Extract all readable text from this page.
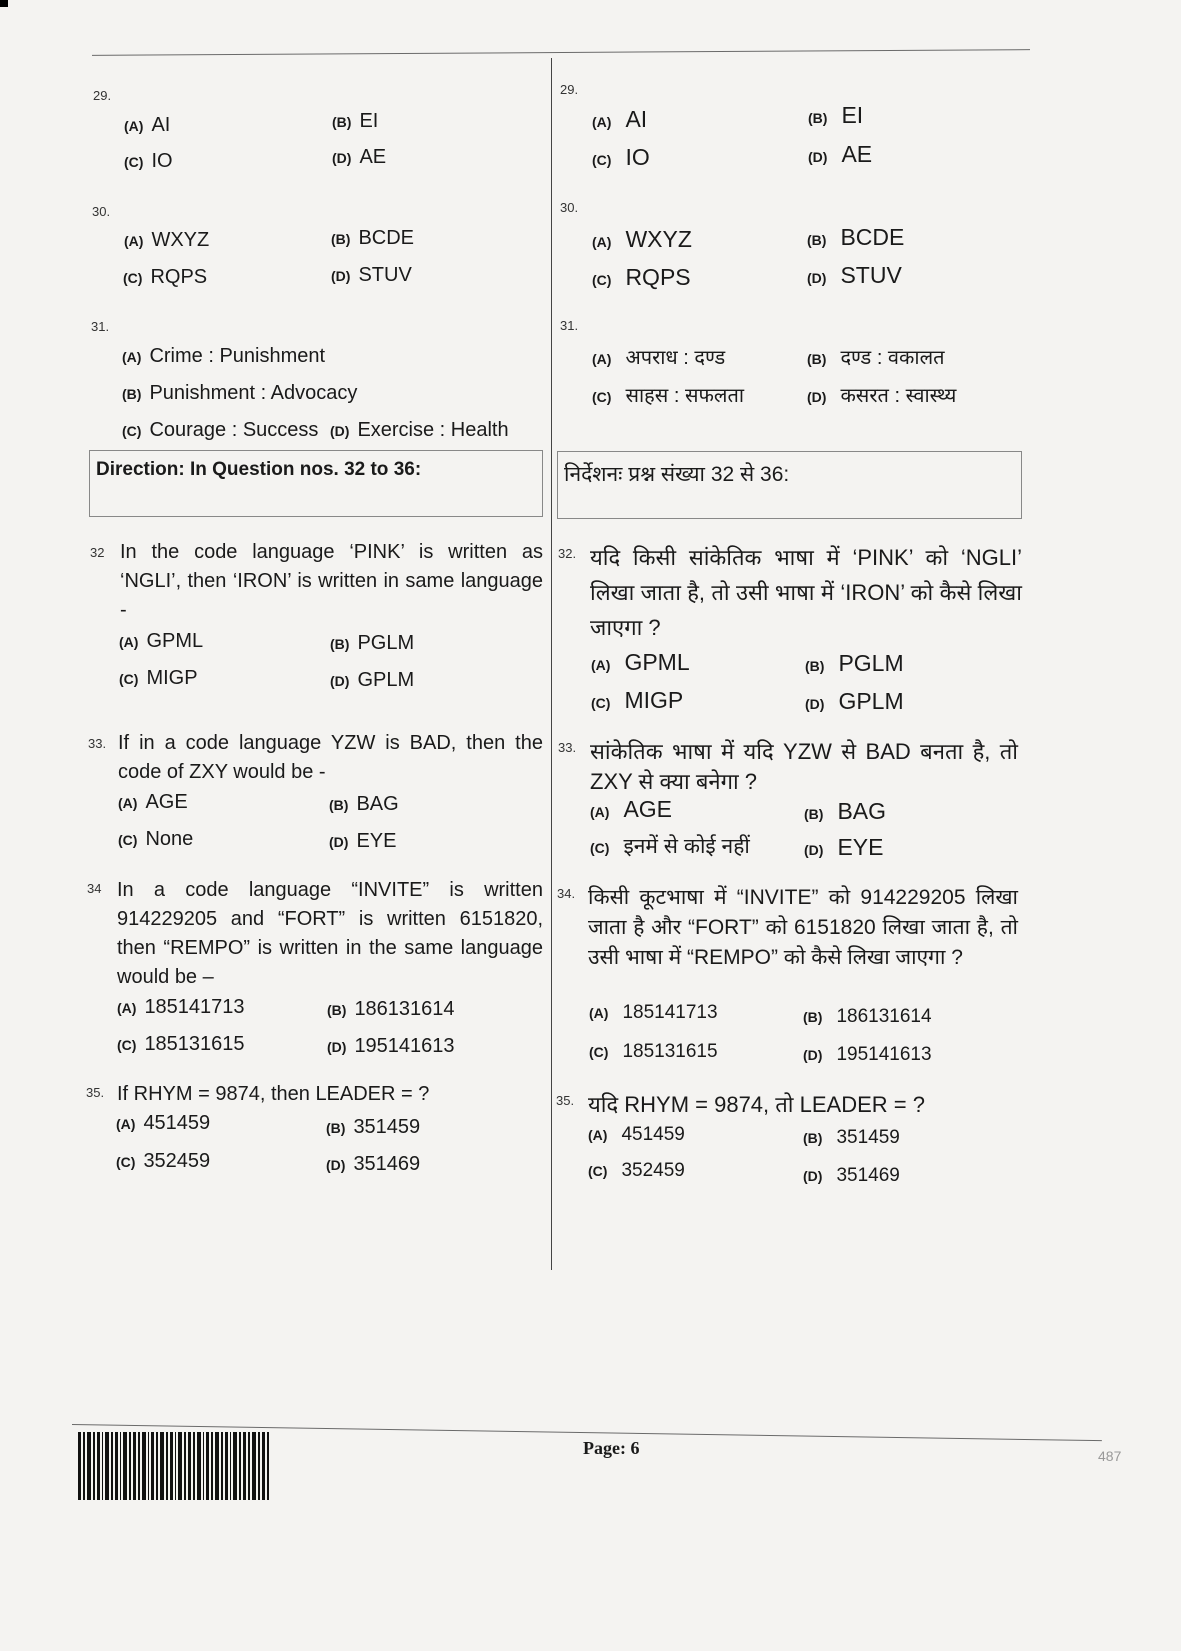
29.
(A) AI	(B) EI
(C) IO	(D) AE
30.
(A) WXYZ	(B) BCDE
(C) RQPS	(D) STUV
31.
(A) Crime : Punishment
(B) Punishment : Advocacy
(C) Courage : Success (D) Exercise : Health
Direction: In Question nos. 32 to 36:
32 In the code language ‘PINK’ is written as ‘NGLI’, then ‘IRON’ is written in same language -
(A) GPML	(B) PGLM
(C) MIGP	(D) GPLM
33. If in a code language YZW is BAD, then the code of ZXY would be -
(A) AGE	(B) BAG
(C) None	(D) EYE
34 In a code language “INVITE” is written 914229205 and “FORT” is written 6151820, then “REMPO” is written in the same language would be –
(A) 185141713	(B) 186131614
(C) 185131615	(D) 195141613
35. If RHYM = 9874, then LEADER = ?
(A) 451459	(B) 351459
(C) 352459	(D) 351469
29.
(A) AI	(B) EI
(C) IO	(D) AE
30.
(A) WXYZ	(B) BCDE
(C) RQPS	(D) STUV
31.
(A) अपराध : दण्ड	(B) दण्ड : वकालत
(C) साहस : सफलता	(D) कसरत : स्वास्थ्य
निर्देशनः प्रश्न संख्या 32 से 36:
32. यदि किसी सांकेतिक भाषा में ‘PINK’ को ‘NGLI’ लिखा जाता है, तो उसी भाषा में ‘IRON’ को कैसे लिखा जाएगा ?
(A) GPML	(B) PGLM
(C) MIGP	(D) GPLM
33. सांकेतिक भाषा में यदि YZW से BAD बनता है, तो ZXY से क्या बनेगा ?
(A) AGE	(B) BAG
(C) इनमें से कोई नहीं	(D) EYE
34. किसी कूटभाषा में “INVITE” को 914229205 लिखा जाता है और “FORT” को 6151820 लिखा जाता है, तो उसी भाषा में “REMPO” को कैसे लिखा जाएगा ?
(A) 185141713	(B) 186131614
(C) 185131615	(D) 195141613
35. यदि RHYM = 9874, तो LEADER = ?
(A) 451459	(B) 351459
(C) 352459	(D) 351469
Page: 6	487
